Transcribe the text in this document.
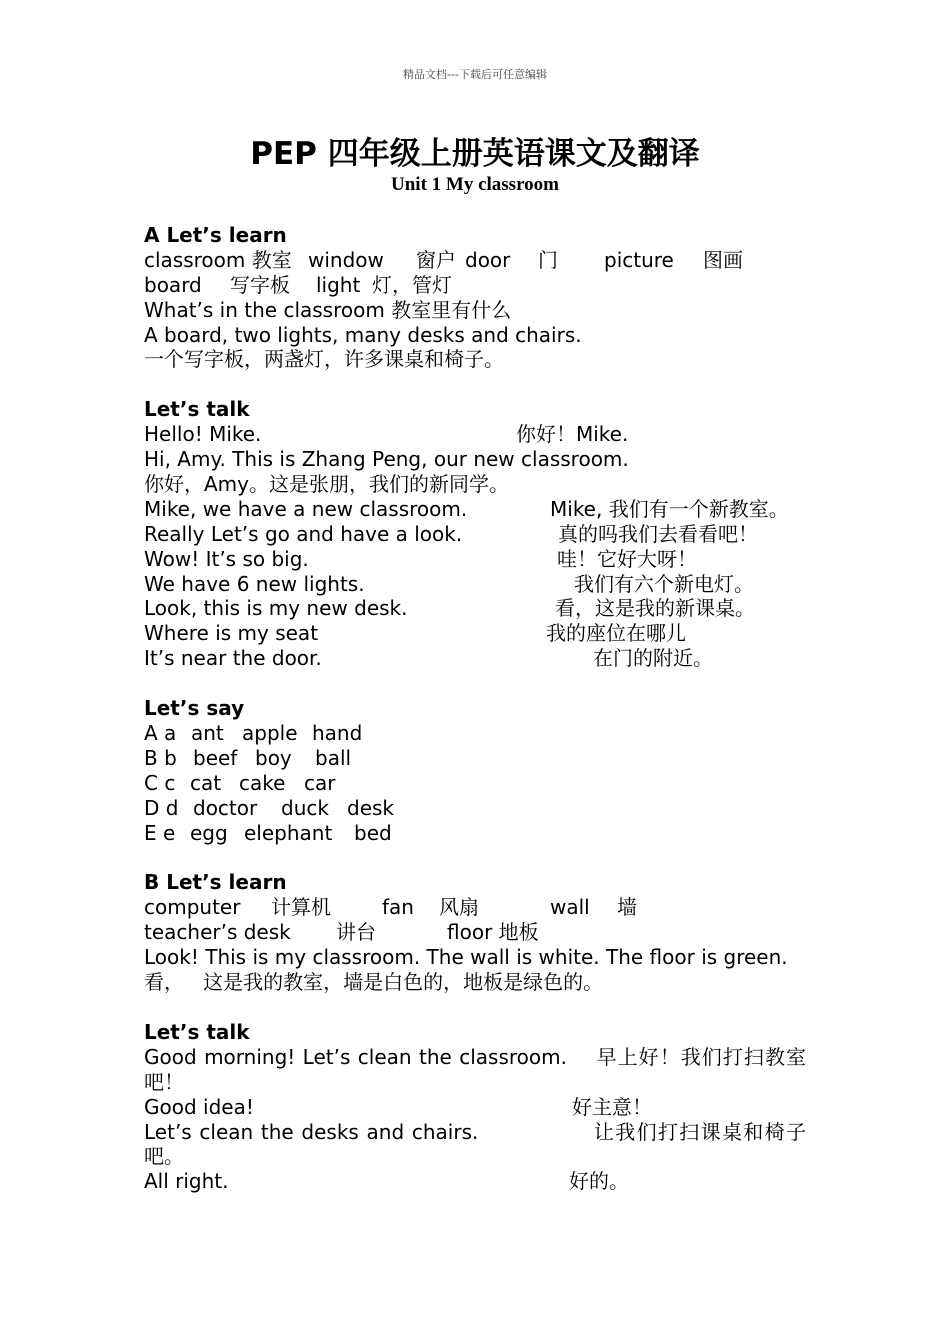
精品文档---下载后可任意编辑
PEP 四年级上册英语课文及翻译
Unit 1 My classroom
A Let’s learn
classroom 教室 window 窗户 door 门 picture 图画
board 写字板 light 灯，管灯
What’s in the classroom 教室里有什么
A board, two lights, many desks and chairs.
一个写字板，两盏灯，许多课桌和椅子。
Let’s talk
Hello! Mike.	你好！Mike.
Hi, Amy. This is Zhang Peng, our new classroom.
你好，Amy。这是张朋，我们的新同学。
Mike, we have a new classroom.	Mike, 我们有一个新教室。
Really Let’s go and have a look.	真的吗我们去看看吧！
Wow! It’s so big.	哇！它好大呀！
We have 6 new lights.	我们有六个新电灯。
Look, this is my new desk.	看，这是我的新课桌。
Where is my seat	我的座位在哪儿
It’s near the door.	在门的附近。
Let’s say
A a ant apple hand
B b beef boy ball
C c cat cake car
D d doctor duck desk
E e egg elephant bed
B Let’s learn
computer 计算机	fan 风扇	wall 墙
teacher’s desk 讲台	floor 地板
Look! This is my classroom. The wall is white. The floor is green.
看，   这是我的教室，墙是白色的，地板是绿色的。
Let’s talk
Good morning! Let’s clean the classroom.    早上好！我们打扫教室吧！
Good idea!	好主意！
Let’s clean the desks and chairs.               让我们打扫课桌和椅子吧。
All right.	好的。
